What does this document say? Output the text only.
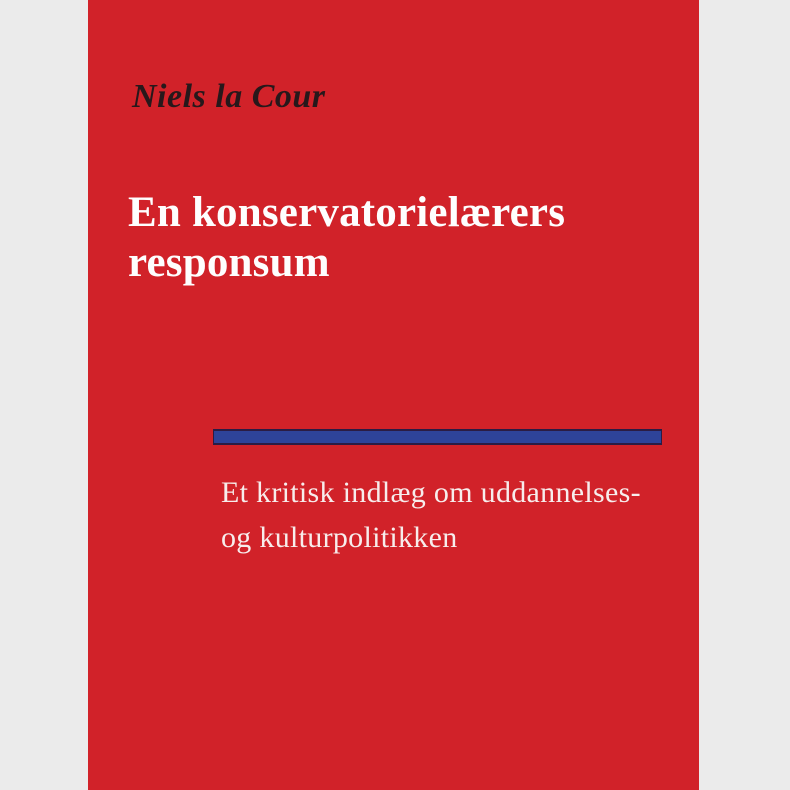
Niels la Cour
En konservatorielærers
responsum
Et kritisk indlæg om uddannelses-
og kulturpolitikken
